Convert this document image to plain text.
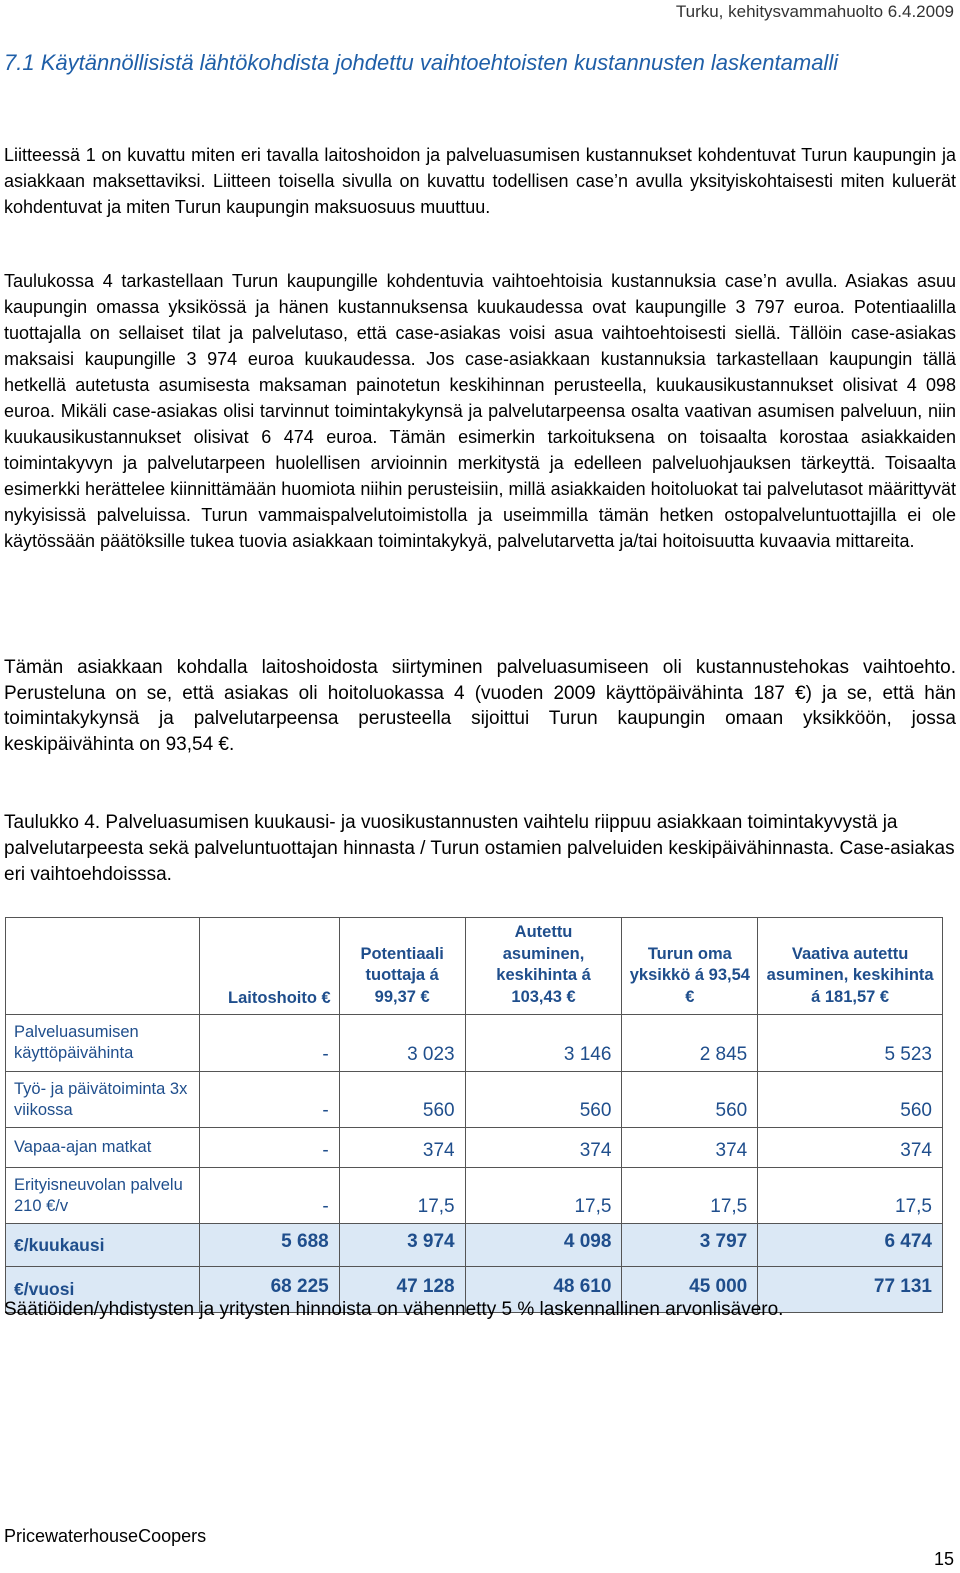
Turku, kehitysvammahuolto 6.4.2009
7.1 Käytännöllisistä lähtökohdista johdettu vaihtoehtoisten kustannusten laskentamalli
Liitteessä 1 on kuvattu miten eri tavalla laitoshoidon ja palveluasumisen kustannukset kohdentuvat Turun kaupungin ja asiakkaan maksettaviksi. Liitteen toisella sivulla on kuvattu todellisen case’n avulla yksityiskohtaisesti miten kuluerät kohdentuvat ja miten Turun kaupungin maksuosuus muuttuu.
Taulukossa 4 tarkastellaan Turun kaupungille kohdentuvia vaihtoehtoisia kustannuksia case’n avulla. Asiakas asuu kaupungin omassa yksikössä ja hänen kustannuksensa kuukaudessa ovat kaupungille 3 797 euroa. Potentiaalilla tuottajalla on sellaiset tilat ja palvelutaso, että case-asiakas voisi asua vaihtoehtoisesti siellä. Tällöin case-asiakas maksaisi kaupungille 3 974 euroa kuukaudessa. Jos case-asiakkaan kustannuksia tarkastellaan kaupungin tällä hetkellä autetusta asumisesta maksaman painotetun keskihinnan perusteella, kuukausikustannukset olisivat 4 098 euroa. Mikäli case-asiakas olisi tarvinnut toimintakykynsä ja palvelutarpeensa osalta vaativan asumisen palveluun, niin kuukausikustannukset olisivat 6 474 euroa. Tämän esimerkin tarkoituksena on toisaalta korostaa asiakkaiden toimintakyvyn ja palvelutarpeen huolellisen arvioinnin merkitystä ja edelleen palveluohjauksen tärkeyttä. Toisaalta esimerkki herättelee kiinnittämään huomiota niihin perusteisiin, millä asiakkaiden hoitoluokat tai palvelutasot määrittyvät nykyisissä palveluissa. Turun vammaispalvelutoimistolla ja useimmilla tämän hetken ostopalveluntuottajilla ei ole käytössään päätöksille tukea tuovia asiakkaan toimintakykyä, palvelutarvetta ja/tai hoitoisuutta kuvaavia mittareita.
Tämän asiakkaan kohdalla laitoshoidosta siirtyminen palveluasumiseen oli kustannustehokas vaihtoehto. Perusteluna on se, että asiakas oli hoitoluokassa 4 (vuoden 2009 käyttöpäivähinta 187 €) ja se, että hän toimintakykynsä ja palvelutarpeensa perusteella sijoittui Turun kaupungin omaan yksikköön, jossa keskipäivähinta on 93,54 €.
Taulukko 4. Palveluasumisen kuukausi- ja vuosikustannusten vaihtelu riippuu asiakkaan toimintakyvystä ja palvelutarpeesta sekä palveluntuottajan hinnasta / Turun ostamien palveluiden keskipäivähinnasta. Case-asiakas eri vaihtoehdoisssa.
	Laitoshoito €	Potentiaali tuottaja á 99,37 €	Autettu asuminen, keskihinta á 103,43 €	Turun oma yksikkö á 93,54 €	Vaativa autettu asuminen, keskihinta á 181,57 €
Palveluasumisen käyttöpäivähinta	-	3 023	3 146	2 845	5 523
Työ- ja päivätoiminta 3x viikossa	-	560	560	560	560
Vapaa-ajan matkat	-	374	374	374	374
Erityisneuvolan palvelu 210 €/v	-	17,5	17,5	17,5	17,5
€/kuukausi	5 688	3 974	4 098	3 797	6 474
€/vuosi	68 225	47 128	48 610	45 000	77 131
Säätiöiden/yhdistysten ja yritysten hinnoista on vähennetty 5 % laskennallinen arvonlisävero.
PricewaterhouseCoopers
15
